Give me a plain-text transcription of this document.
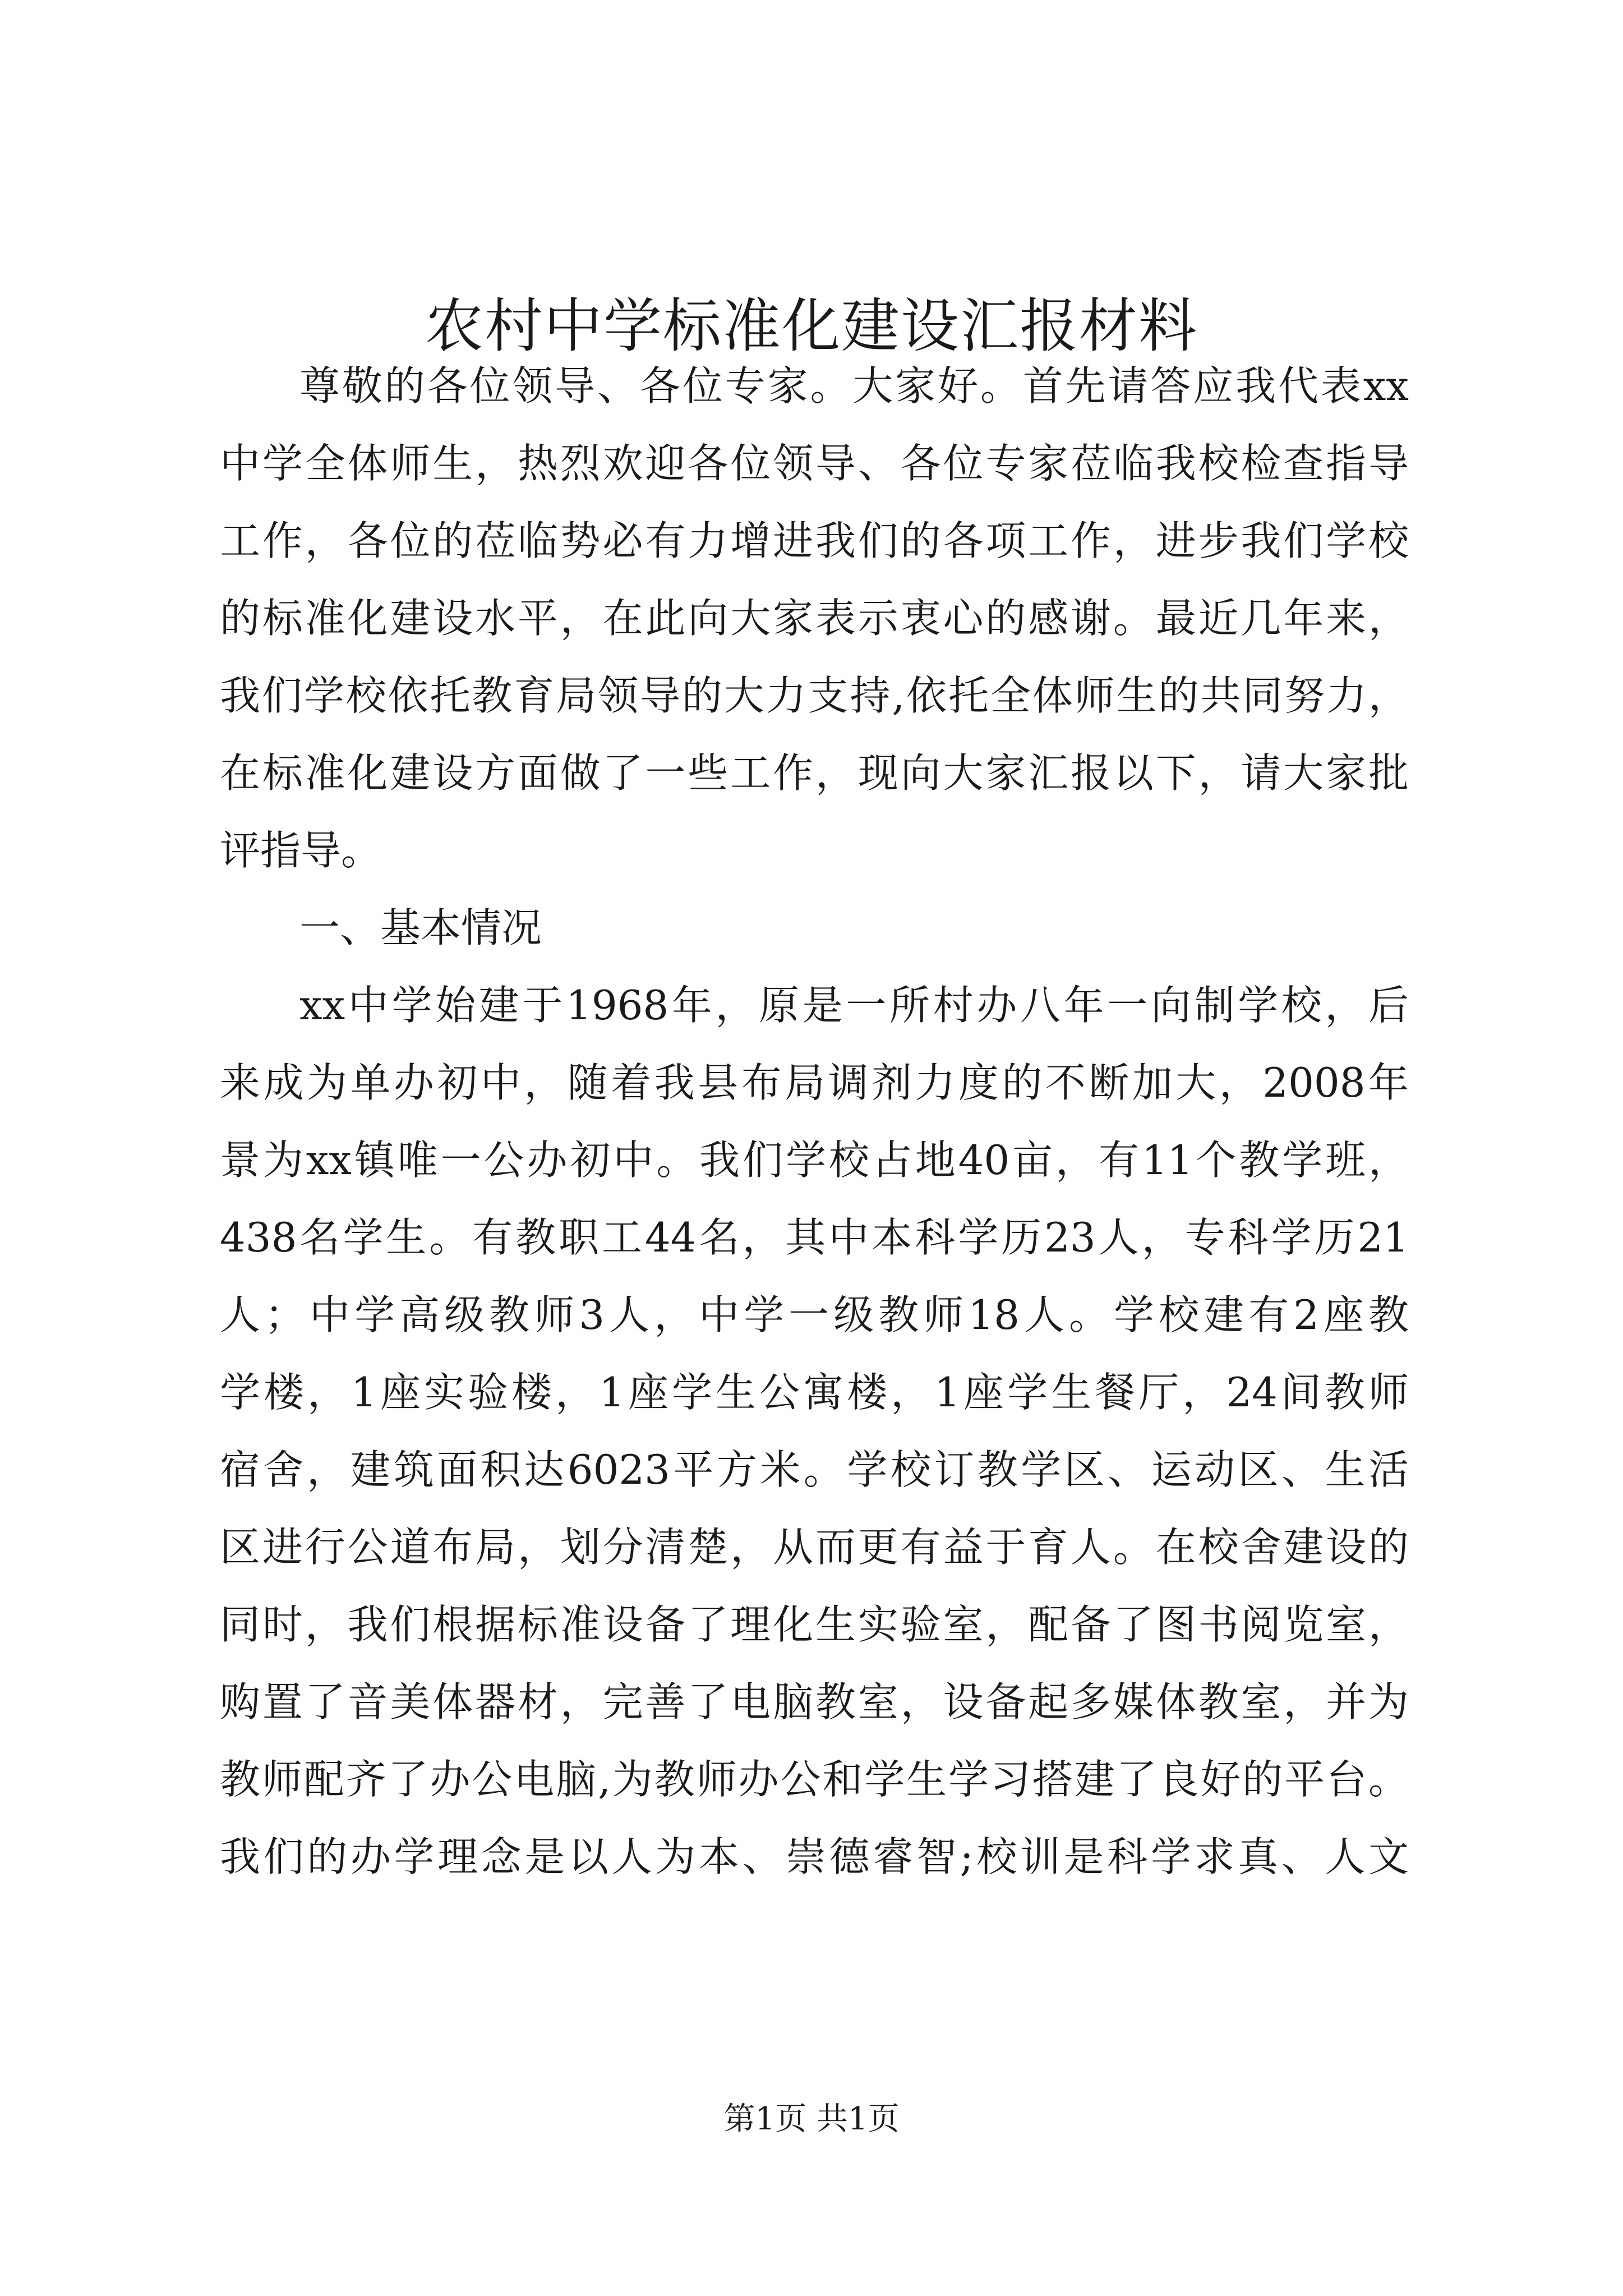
农村中学标准化建设汇报材料

尊敬的各位领导、各位专家。大家好。首先请答应我代表xx

中学全体师生，热烈欢迎各位领导、各位专家莅临我校检查指导

工作，各位的莅临势必有力增进我们的各项工作，进步我们学校

的标准化建设水平，在此向大家表示衷心的感谢。最近几年来，

我们学校依托教育局领导的大力支持,依托全体师生的共同努力，

在标准化建设方面做了一些工作，现向大家汇报以下，请大家批

评指导。

一、基本情况

xx中学始建于1968年，原是一所村办八年一向制学校，后

来成为单办初中，随着我县布局调剂力度的不断加大，2008年

景为xx镇唯一公办初中。我们学校占地40亩，有11个教学班，

438名学生。有教职工44名，其中本科学历23人，专科学历21

人；中学高级教师3人，中学一级教师18人。学校建有2座教

学楼，1座实验楼，1座学生公寓楼，1座学生餐厅，24间教师

宿舍，建筑面积达6023平方米。学校订教学区、运动区、生活

区进行公道布局，划分清楚，从而更有益于育人。在校舍建设的

同时，我们根据标准设备了理化生实验室，配备了图书阅览室，

购置了音美体器材，完善了电脑教室，设备起多媒体教室，并为

教师配齐了办公电脑,为教师办公和学生学习搭建了良好的平台。

我们的办学理念是以人为本、崇德睿智;校训是科学求真、人文

第1页 共1页
